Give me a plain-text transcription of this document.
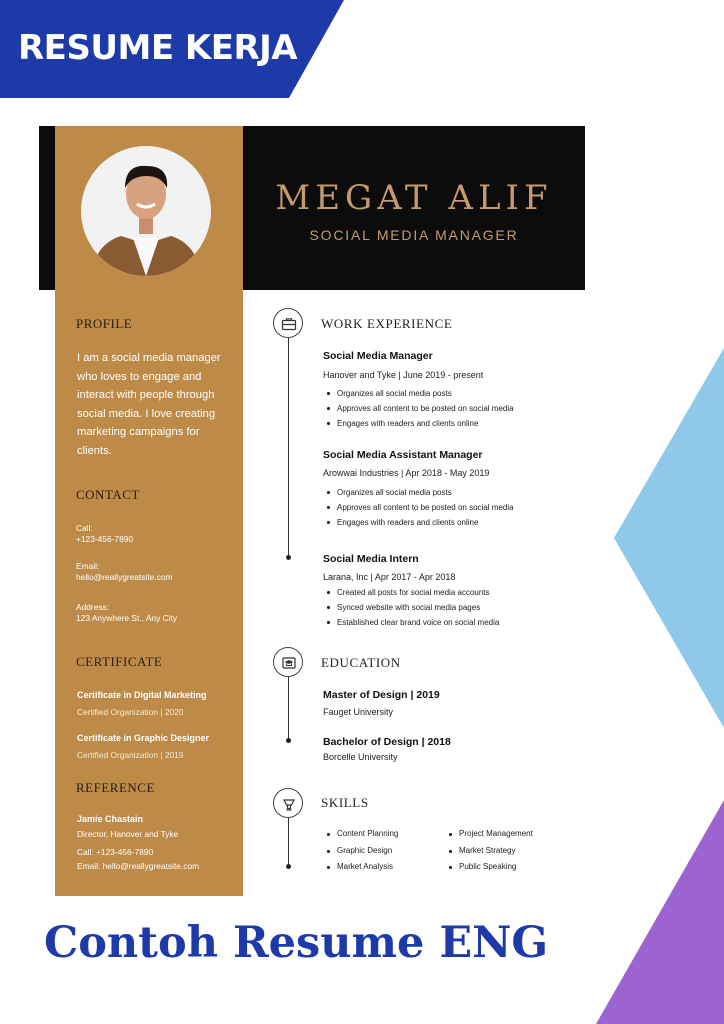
RESUME KERJA
MEGAT ALIF
SOCIAL MEDIA MANAGER
PROFILE
I am a social media manager who loves to engage and interact with people through social media. I love creating marketing campaigns for clients.
CONTACT
Call:
+123-456-7890
Email:
hello@reallygreatsite.com
Address:
123 Anywhere St., Any City
CERTIFICATE
Certificate in Digital Marketing
Certified Organization | 2020
Certificate in Graphic Designer
Certified Organization | 2019
REFERENCE
Jamie Chastain
Director, Hanover and Tyke
Call: +123-456-7890
Email: hello@reallygreatsite.com
WORK EXPERIENCE
Social Media Manager
Hanover and Tyke | June 2019 - present
Organizes all social media posts
Approves all content to be posted on social media
Engages with readers and clients online
Social Media Assistant Manager
Arowwai Industries | Apr 2018 - May 2019
Organizes all social media posts
Approves all content to be posted on social media
Engages with readers and clients online
Social Media Intern
Larana, Inc | Apr 2017 - Apr 2018
Created all posts for social media accounts
Synced website with social media pages
Established clear brand voice on social media
EDUCATION
Master of Design | 2019
Fauget University
Bachelor of Design | 2018
Borcelle University
SKILLS
Content Planning	Project Management
Graphic Design	Market Strategy
Market Analysis	Public Speaking
Contoh Resume ENG
